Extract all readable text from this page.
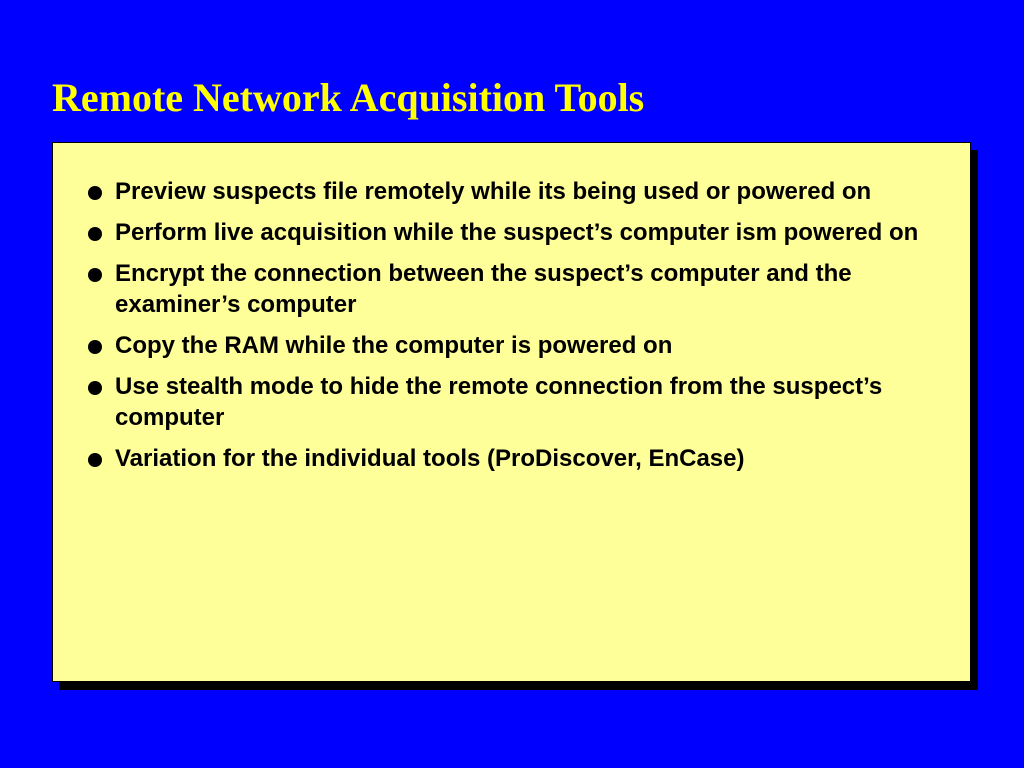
Remote Network Acquisition Tools
Preview suspects file remotely while its being used or powered on
Perform live acquisition while the suspect’s computer ism powered on
Encrypt the connection between the suspect’s computer and the examiner’s computer
Copy the RAM while the computer is powered on
Use stealth mode to hide the remote connection from the suspect’s computer
Variation for the individual tools (ProDiscover, EnCase)
